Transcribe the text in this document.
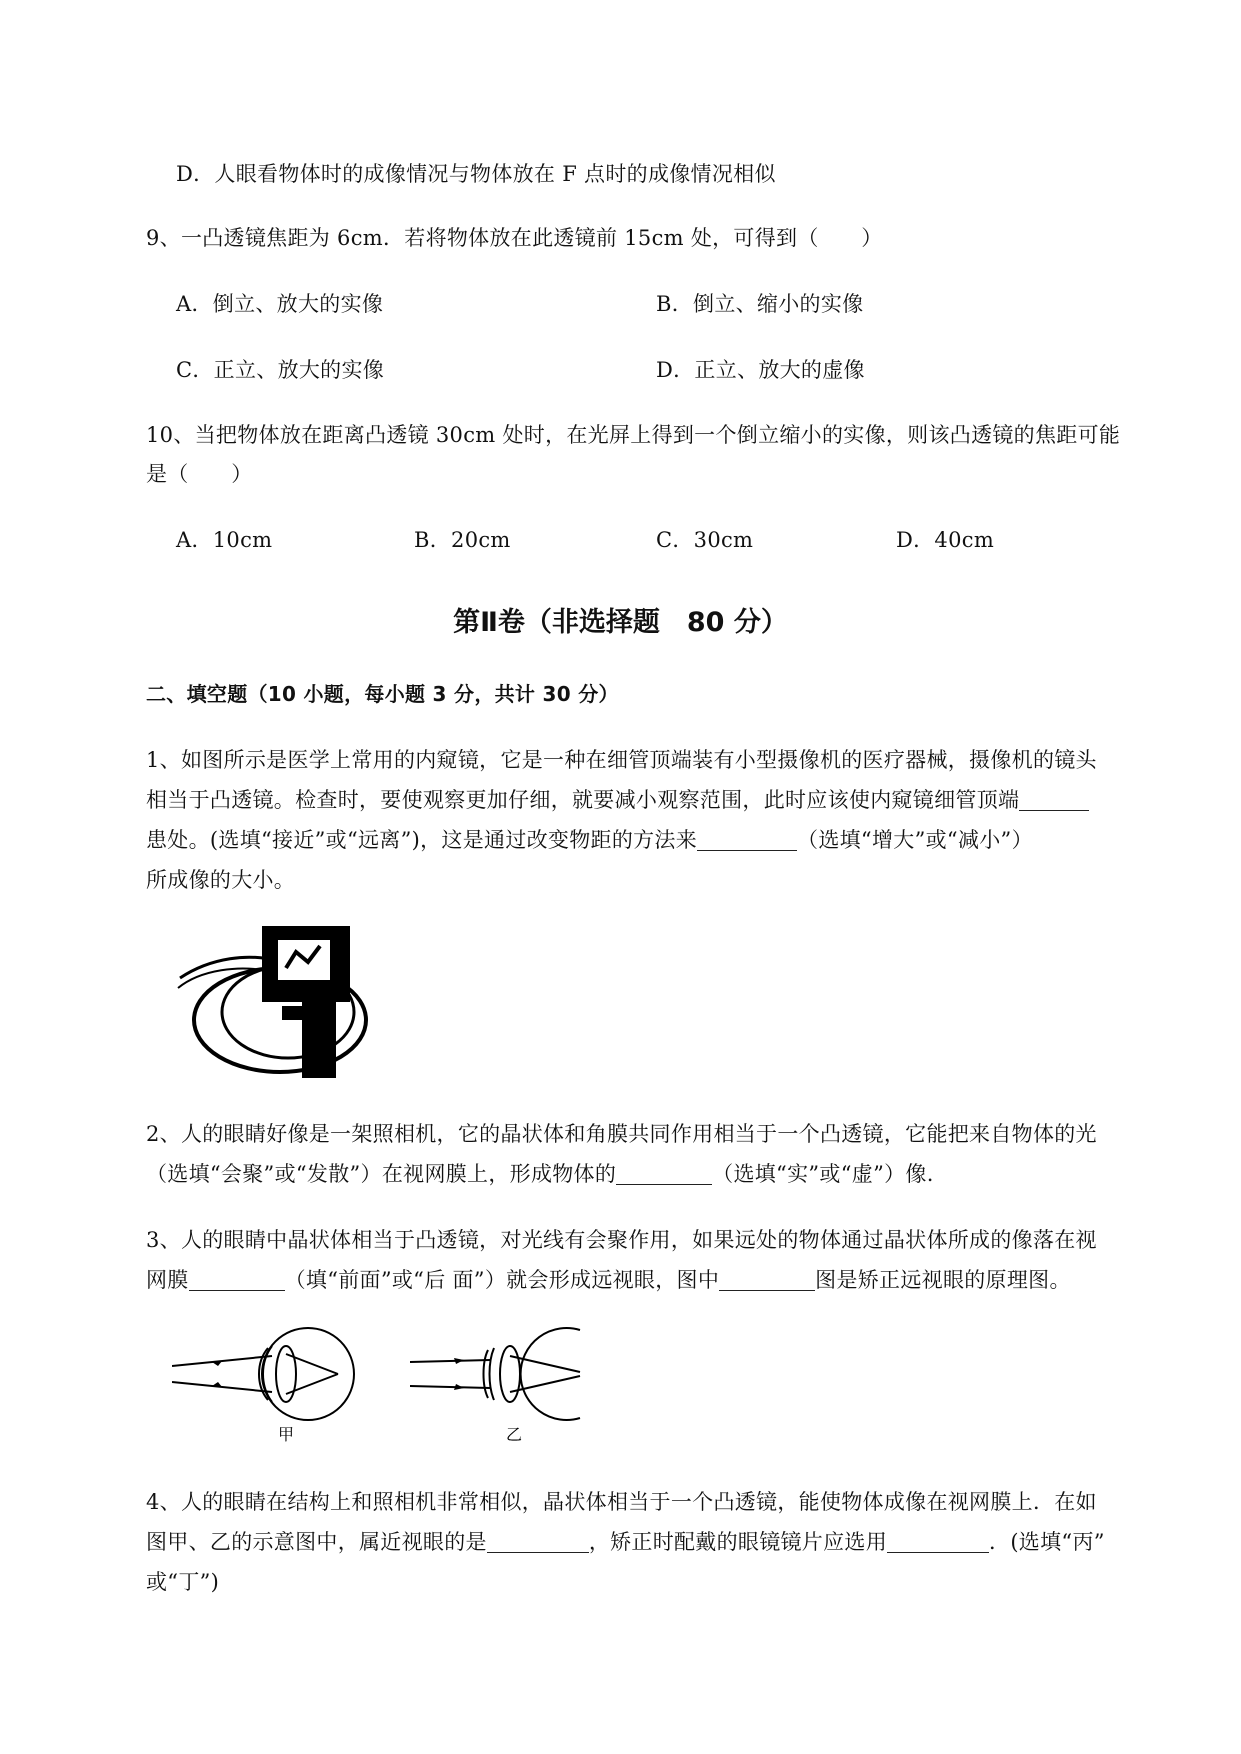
D．人眼看物体时的成像情况与物体放在 F 点时的成像情况相似
9、一凸透镜焦距为 6cm．若将物体放在此透镜前 15cm 处，可得到（　　）
A．倒立、放大的实像	B．倒立、缩小的实像
C．正立、放大的实像	D．正立、放大的虚像
10、当把物体放在距离凸透镜 30cm 处时，在光屏上得到一个倒立缩小的实像，则该凸透镜的焦距可能
是（　　）
A．10cm	B．20cm	C．30cm	D．40cm
第Ⅱ卷（非选择题　80 分）
二、填空题（10 小题，每小题 3 分，共计 30 分）
1、如图所示是医学上常用的内窥镜，它是一种在细管顶端装有小型摄像机的医疗器械，摄像机的镜头
相当于凸透镜。检查时，要使观察更加仔细，就要减小观察范围，此时应该使内窥镜细管顶端
患处。(选填“接近”或“远离”)，这是通过改变物距的方法来	（选填“增大”或“减小”）
所成像的大小。
2、人的眼睛好像是一架照相机，它的晶状体和角膜共同作用相当于一个凸透镜，它能把来自物体的光
（选填“会聚”或“发散”）在视网膜上，形成物体的	（选填“实”或“虚”）像.
3、人的眼睛中晶状体相当于凸透镜，对光线有会聚作用，如果远处的物体通过晶状体所成的像落在视
网膜	（填“前面”或“后 面”）就会形成远视眼，图中	图是矫正远视眼的原理图。
甲	乙
4、人的眼睛在结构上和照相机非常相似，晶状体相当于一个凸透镜，能使物体成像在视网膜上．在如
图甲、乙的示意图中，属近视眼的是	，矫正时配戴的眼镜镜片应选用	．(选填“丙”
或“丁”)
